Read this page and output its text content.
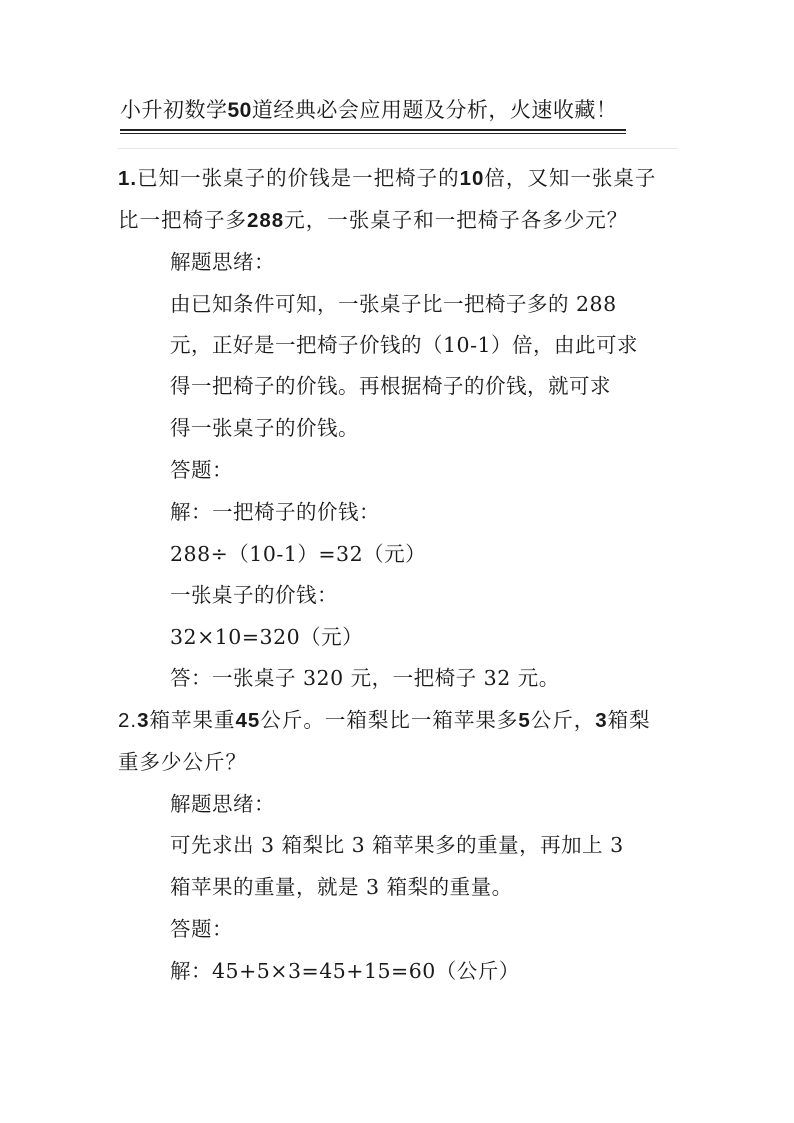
小升初数学50道经典必会应用题及分析，火速收藏！
1.已知一张桌子的价钱是一把椅子的10倍，又知一张桌子
比一把椅子多288元，一张桌子和一把椅子各多少元？
解题思绪：
由已知条件可知，一张桌子比一把椅子多的 288
元，正好是一把椅子价钱的（10-1）倍，由此可求
得一把椅子的价钱。再根据椅子的价钱，就可求
得一张桌子的价钱。
答题：
解：一把椅子的价钱：
288÷（10-1）=32（元）
一张桌子的价钱：
32×10=320（元）
答：一张桌子 320 元，一把椅子 32 元。
2.3箱苹果重45公斤。一箱梨比一箱苹果多5公斤，3箱梨
重多少公斤？
解题思绪：
可先求出 3 箱梨比 3 箱苹果多的重量，再加上 3
箱苹果的重量，就是 3 箱梨的重量。
答题：
解：45+5×3=45+15=60（公斤）
